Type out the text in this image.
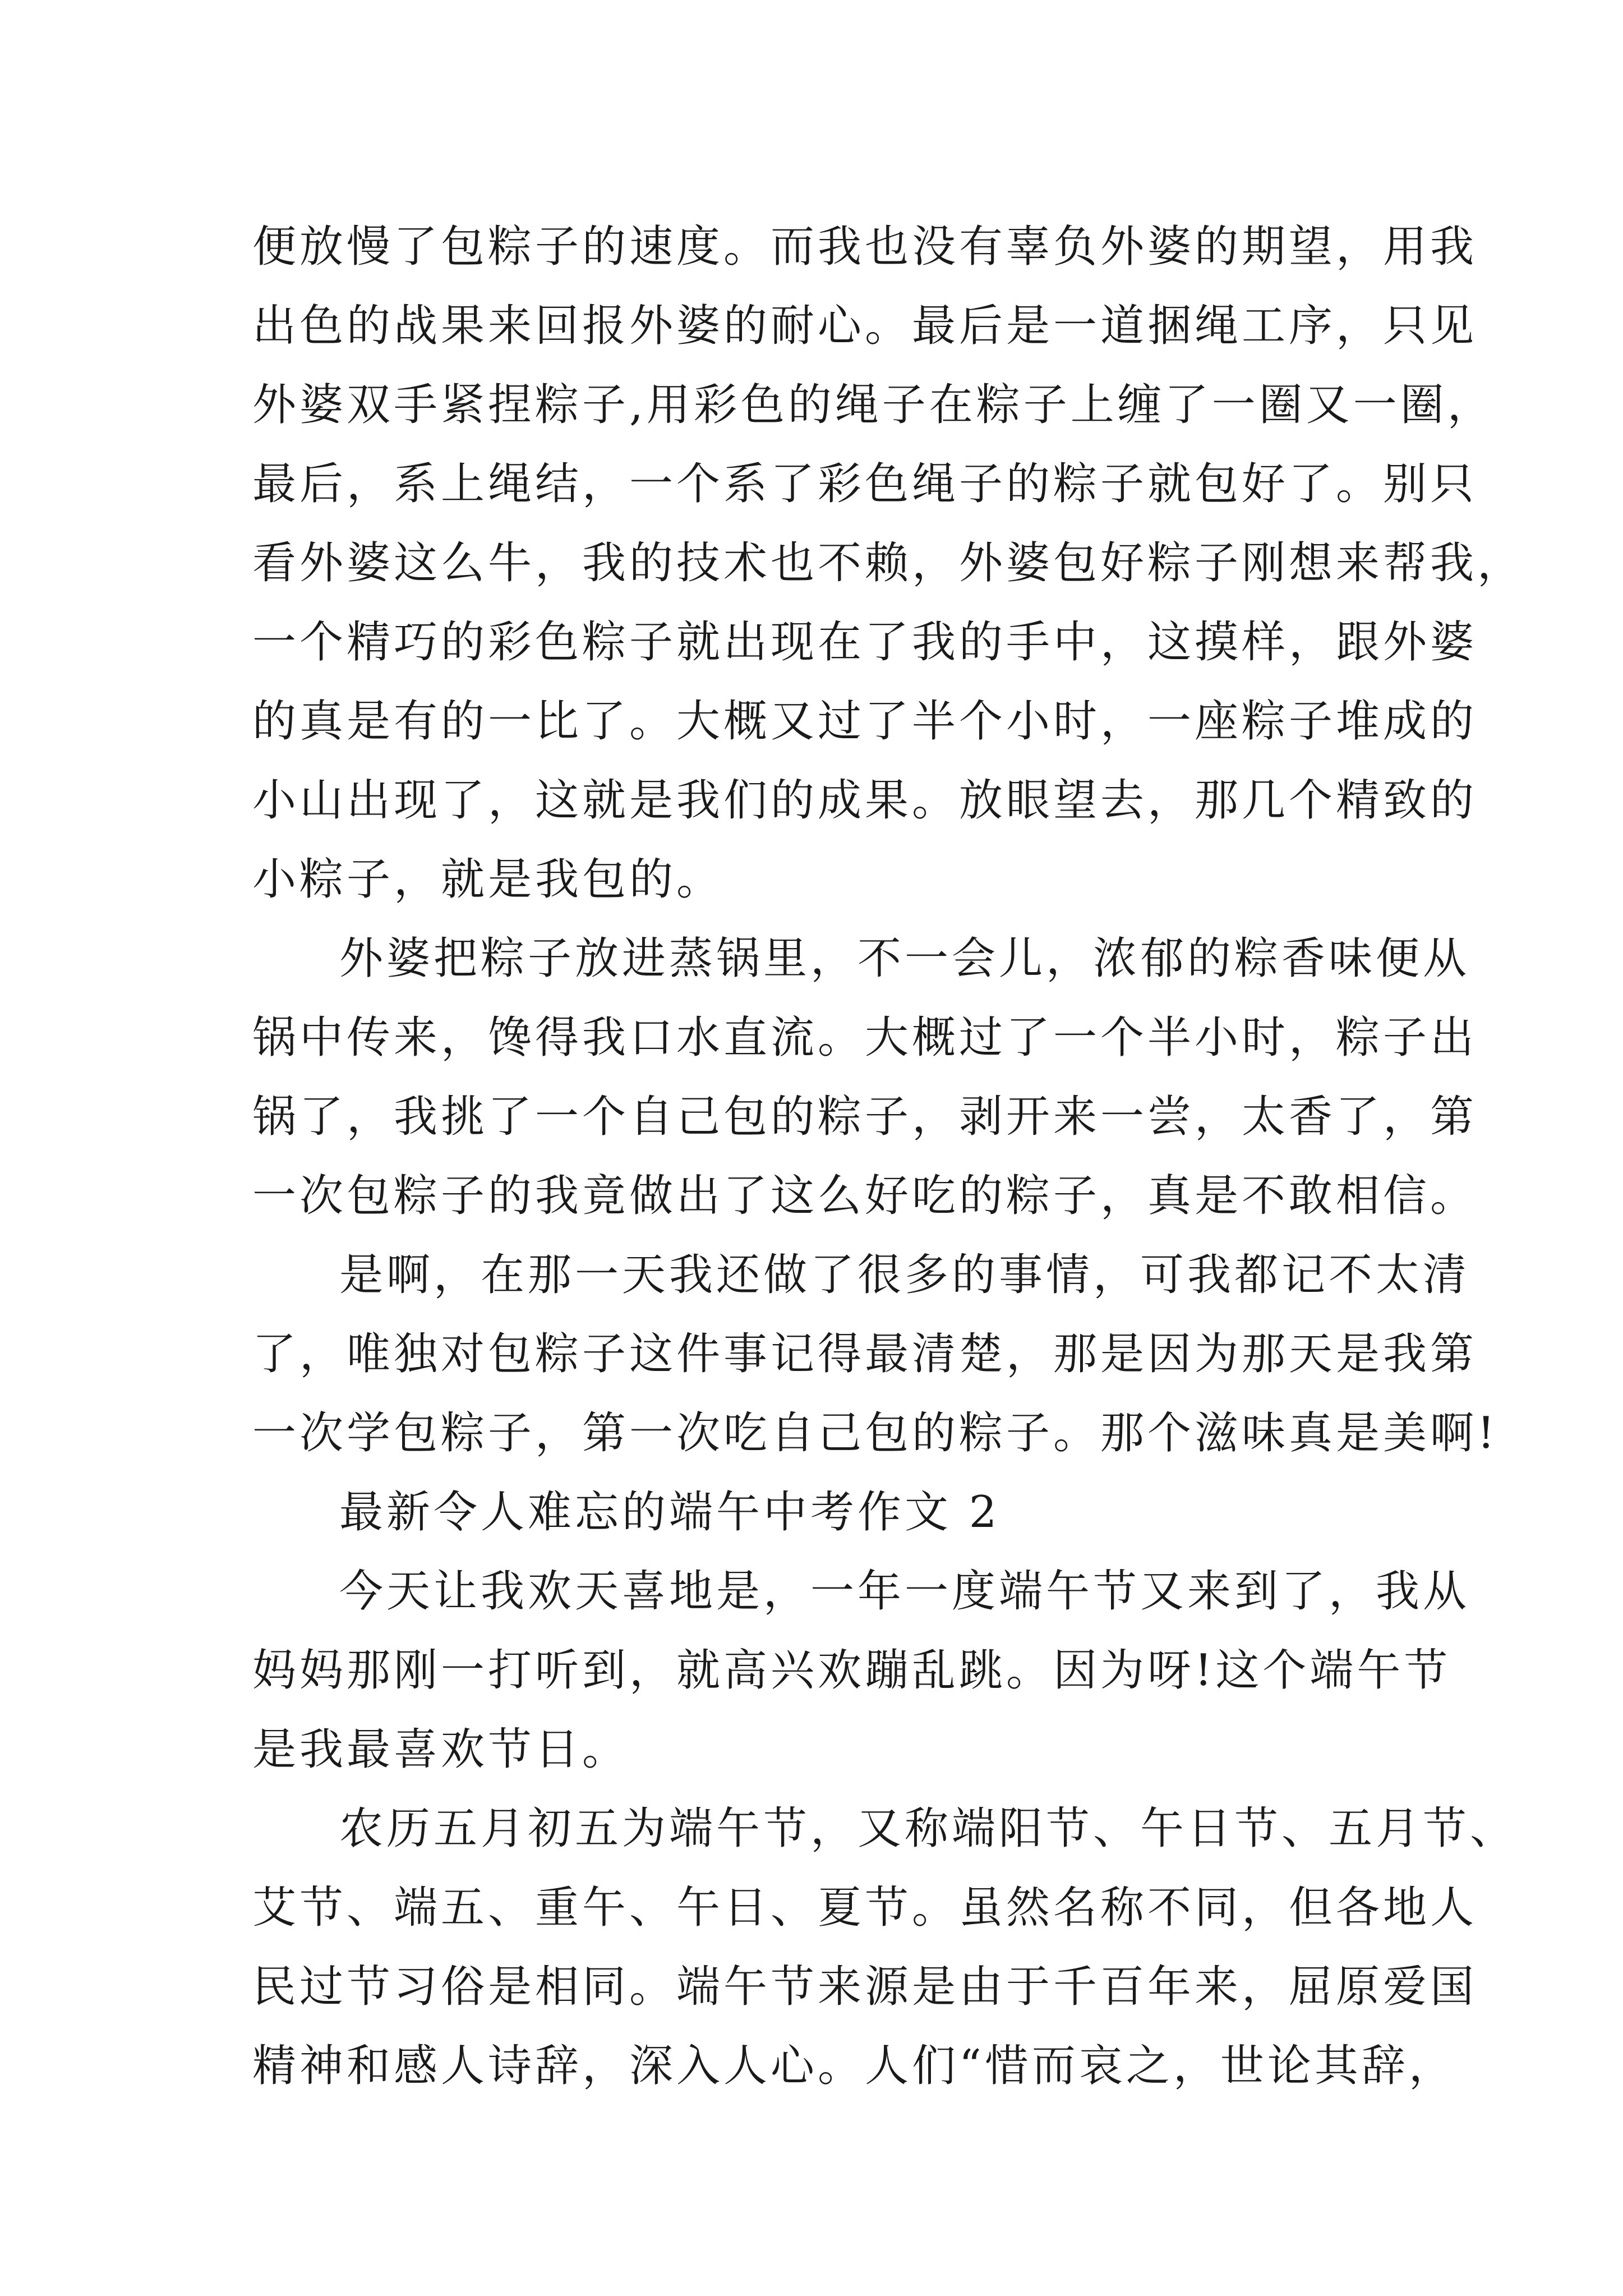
便放慢了包粽子的速度。而我也没有辜负外婆的期望，用我
出色的战果来回报外婆的耐心。最后是一道捆绳工序，只见
外婆双手紧捏粽子,用彩色的绳子在粽子上缠了一圈又一圈，
最后，系上绳结，一个系了彩色绳子的粽子就包好了。别只
看外婆这么牛，我的技术也不赖，外婆包好粽子刚想来帮我，
一个精巧的彩色粽子就出现在了我的手中，这摸样，跟外婆
的真是有的一比了。大概又过了半个小时，一座粽子堆成的
小山出现了，这就是我们的成果。放眼望去，那几个精致的
小粽子，就是我包的。
外婆把粽子放进蒸锅里，不一会儿，浓郁的粽香味便从
锅中传来，馋得我口水直流。大概过了一个半小时，粽子出
锅了，我挑了一个自己包的粽子，剥开来一尝，太香了，第
一次包粽子的我竟做出了这么好吃的粽子，真是不敢相信。
是啊，在那一天我还做了很多的事情，可我都记不太清
了，唯独对包粽子这件事记得最清楚，那是因为那天是我第
一次学包粽子，第一次吃自己包的粽子。那个滋味真是美啊!
最新令人难忘的端午中考作文 2
今天让我欢天喜地是，一年一度端午节又来到了，我从
妈妈那刚一打听到，就高兴欢蹦乱跳。因为呀!这个端午节
是我最喜欢节日。
农历五月初五为端午节，又称端阳节、午日节、五月节、
艾节、端五、重午、午日、夏节。虽然名称不同，但各地人
民过节习俗是相同。端午节来源是由于千百年来，屈原爱国
精神和感人诗辞，深入人心。人们“惜而哀之，世论其辞，
